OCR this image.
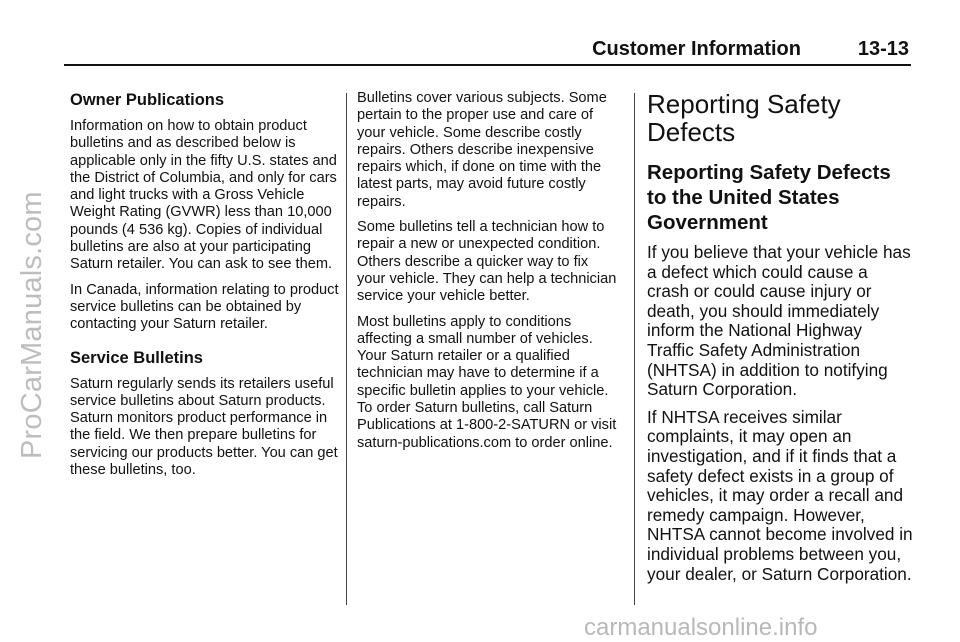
ProCarManuals.com
Customer Information	13-13
Owner Publications

Information on how to obtain product bulletins and as described below is applicable only in the fifty U.S. states and the District of Columbia, and only for cars and light trucks with a Gross Vehicle Weight Rating (GVWR) less than 10,000 pounds (4 536 kg). Copies of individual bulletins are also at your participating Saturn retailer. You can ask to see them.

In Canada, information relating to product service bulletins can be obtained by contacting your Saturn retailer.

Service Bulletins

Saturn regularly sends its retailers useful service bulletins about Saturn products. Saturn monitors product performance in the field. We then prepare bulletins for servicing our products better. You can get these bulletins, too.

Bulletins cover various subjects. Some pertain to the proper use and care of your vehicle. Some describe costly repairs. Others describe inexpensive repairs which, if done on time with the latest parts, may avoid future costly repairs.

Some bulletins tell a technician how to repair a new or unexpected condition. Others describe a quicker way to fix your vehicle. They can help a technician service your vehicle better.

Most bulletins apply to conditions affecting a small number of vehicles. Your Saturn retailer or a qualified technician may have to determine if a specific bulletin applies to your vehicle. To order Saturn bulletins, call Saturn Publications at 1-800-2-SATURN or visit saturn-publications.com to order online.

Reporting Safety Defects
Reporting Safety Defects to the United States Government

If you believe that your vehicle has a defect which could cause a crash or could cause injury or death, you should immediately inform the National Highway Traffic Safety Administration (NHTSA) in addition to notifying Saturn Corporation.

If NHTSA receives similar complaints, it may open an investigation, and if it finds that a safety defect exists in a group of vehicles, it may order a recall and remedy campaign. However, NHTSA cannot become involved in individual problems between you, your dealer, or Saturn Corporation.

carmanualsonline.info
